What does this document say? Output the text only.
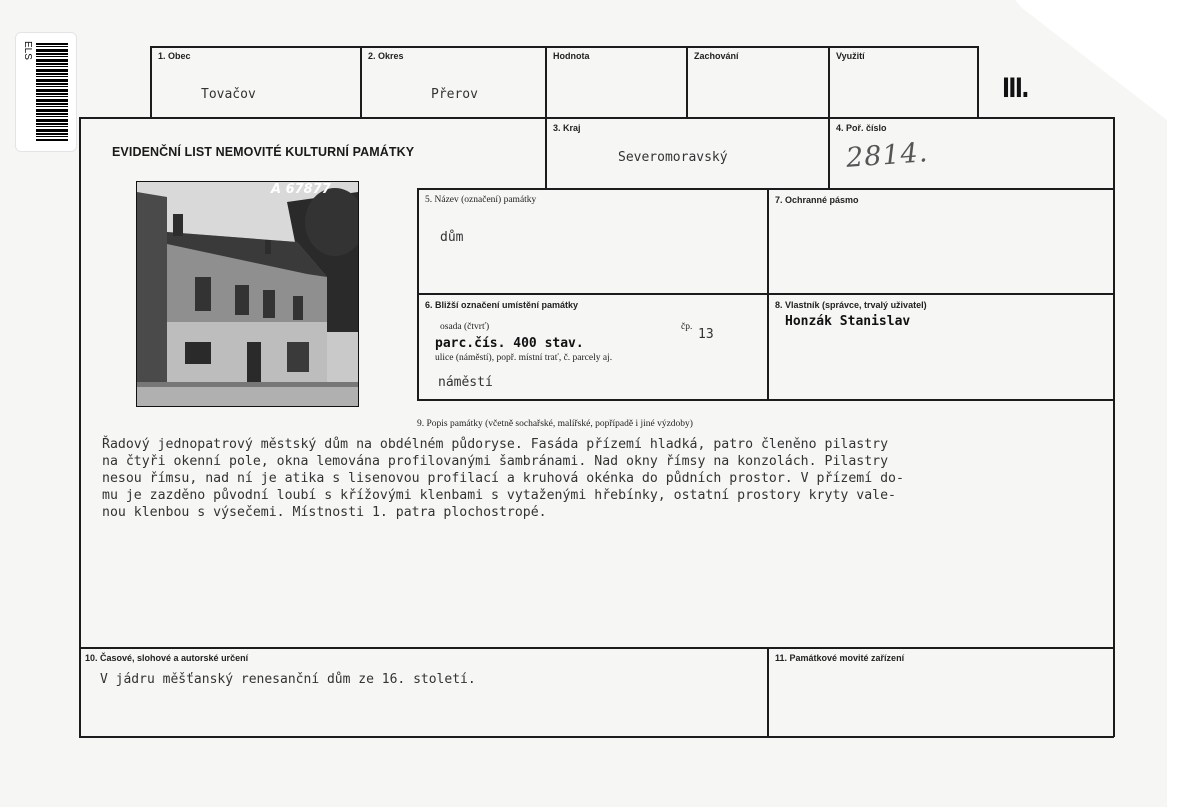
ELS	1. Obec
Tovačov
2. Okres
Přerov
Hodnota	Zachování	Využití
III.
EVIDENČNÍ LIST NEMOVITÉ KULTURNÍ PAMÁTKY
3. Kraj
Severomoravský
4. Poř. číslo
2814.
A 67877
5. Název (označení) památky
dům
7. Ochranné pásmo
6. Bližší označení umístění památky
osada (čtvrť)	čp. 13
parc.čís. 400 stav.
ulice (náměstí), popř. místní trať, č. parcely aj.
náměstí
8. Vlastník (správce, trvalý uživatel)
Honzák Stanislav
9. Popis památky (včetně sochařské, malířské, popřípadě i jiné výzdoby)
Řadový jednopatrový městský dům na obdélném půdoryse. Fasáda přízemí hladká, patro členěno pilastry
na čtyři okenní pole, okna lemována profilovanými šambránami. Nad okny římsy na konzolách. Pilastry
nesou římsu, nad ní je atika s lisenovou profilací a kruhová okénka do půdních prostor. V přízemí do-
mu je zazděno původní loubí s křížovými klenbami s vytaženými hřebínky, ostatní prostory kryty vale-
nou klenbou s výsečemi. Místnosti 1. patra plochostropé.
10. Časové, slohové a autorské určení
V jádru měšťanský renesanční dům ze 16. století.
11. Památkové movité zařízení
